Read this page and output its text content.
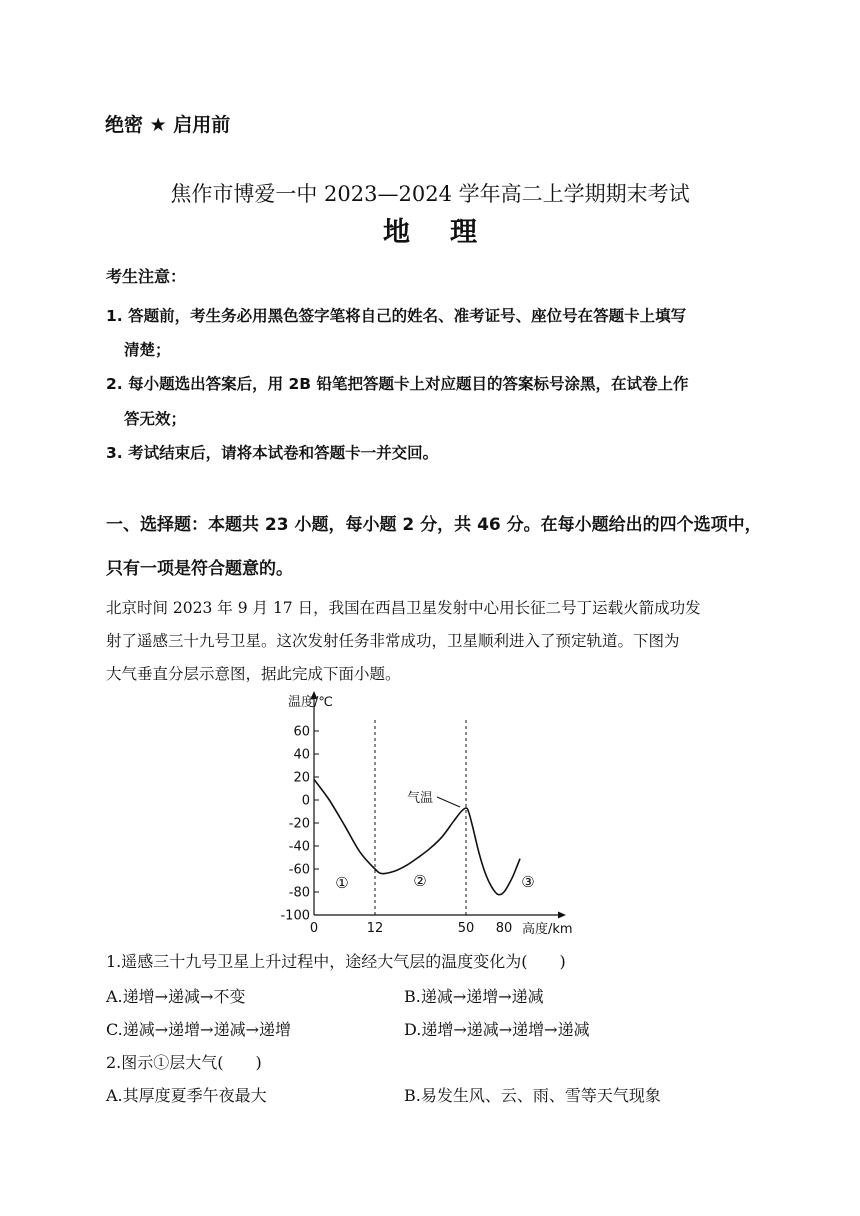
绝密 ★ 启用前
焦作市博爱一中 2023—2024 学年高二上学期期末考试
地理
考生注意：
1. 答题前，考生务必用黑色签字笔将自己的姓名、准考证号、座位号在答题卡上填写
清楚；
2. 每小题选出答案后，用 2B 铅笔把答题卡上对应题目的答案标号涂黑，在试卷上作
答无效；
3. 考试结束后，请将本试卷和答题卡一并交回。
一、选择题：本题共 23 小题，每小题 2 分，共 46 分。在每小题给出的四个选项中，
只有一项是符合题意的。
北京时间 2023 年 9 月 17 日，我国在西昌卫星发射中心用长征二号丁运载火箭成功发
射了遥感三十九号卫星。这次发射任务非常成功，卫星顺利进入了预定轨道。下图为
大气垂直分层示意图，据此完成下面小题。
温度/℃
高度/km
气温
60
40
20
0
-20
-40
-60
-80
-100
0	12	50 80
①	②	③
1.遥感三十九号卫星上升过程中，途经大气层的温度变化为(　　)
A.递增→递减→不变	B.递减→递增→递减
C.递减→递增→递减→递增	D.递增→递减→递增→递减
2.图示①层大气(　　)
A.其厚度夏季午夜最大	B.易发生风、云、雨、雪等天气现象
